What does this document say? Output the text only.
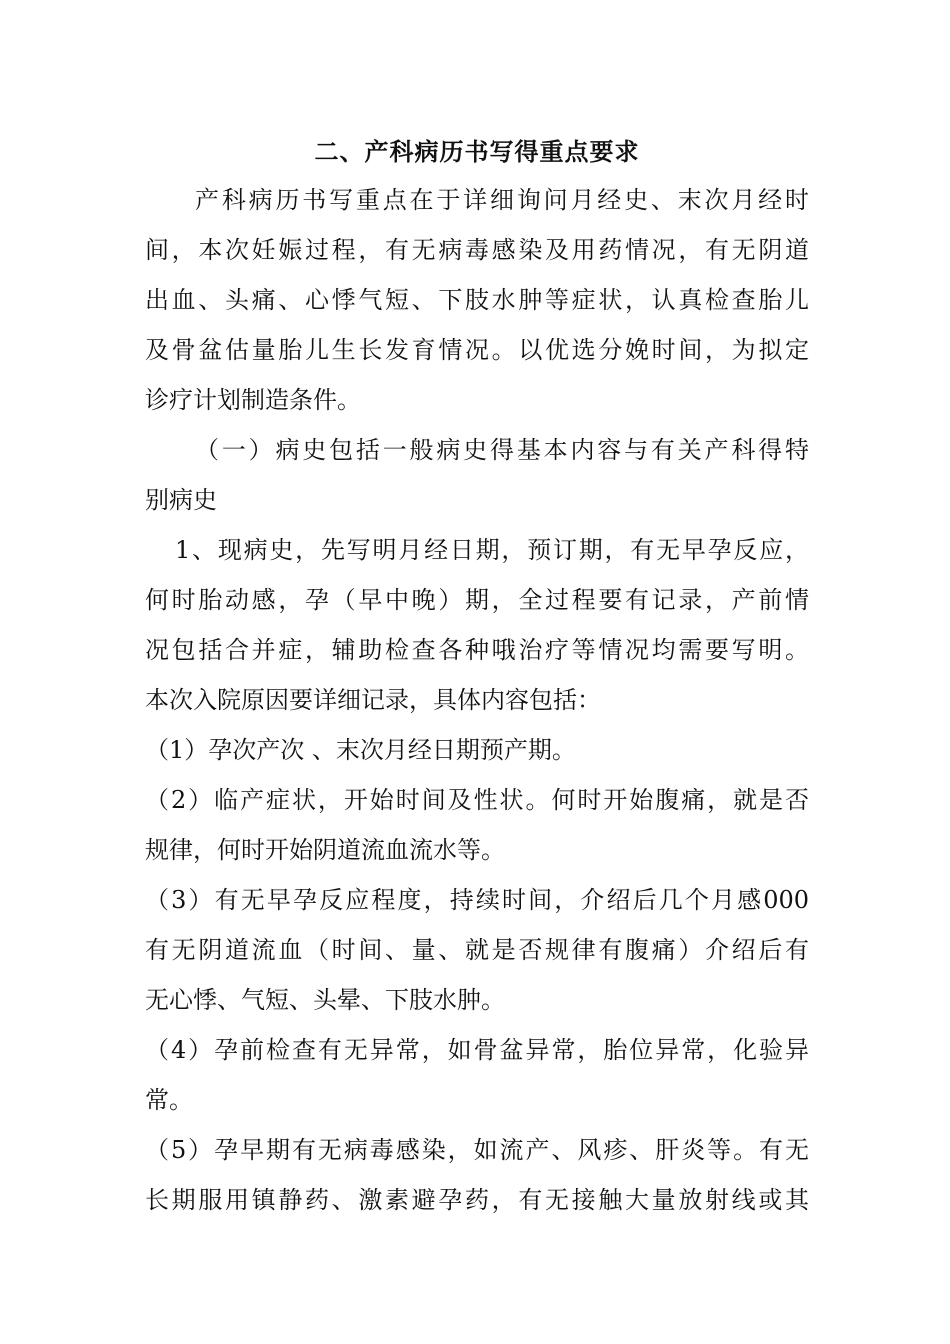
二、产科病历书写得重点要求

产科病历书写重点在于详细询问月经史、末次月经时

间，本次妊娠过程，有无病毒感染及用药情况，有无阴道

出血、头痛、心悸气短、下肢水肿等症状，认真检查胎儿

及骨盆估量胎儿生长发育情况。以优选分娩时间，为拟定

诊疗计划制造条件。

（一）病史包括一般病史得基本内容与有关产科得特

别病史

1、现病史，先写明月经日期，预订期，有无早孕反应，

何时胎动感，孕（早中晚）期，全过程要有记录，产前情

况包括合并症，辅助检查各种哦治疗等情况均需要写明。

本次入院原因要详细记录，具体内容包括：

（1）孕次产次 、末次月经日期预产期。

（2）临产症状，开始时间及性状。何时开始腹痛，就是否

规律，何时开始阴道流血流水等。

（3）有无早孕反应程度，持续时间，介绍后几个月感000

有无阴道流血（时间、量、就是否规律有腹痛）介绍后有

无心悸、气短、头晕、下肢水肿。

（4）孕前检查有无异常，如骨盆异常，胎位异常，化验异

常。

（5）孕早期有无病毒感染，如流产、风疹、肝炎等。有无

长期服用镇静药、激素避孕药，有无接触大量放射线或其
